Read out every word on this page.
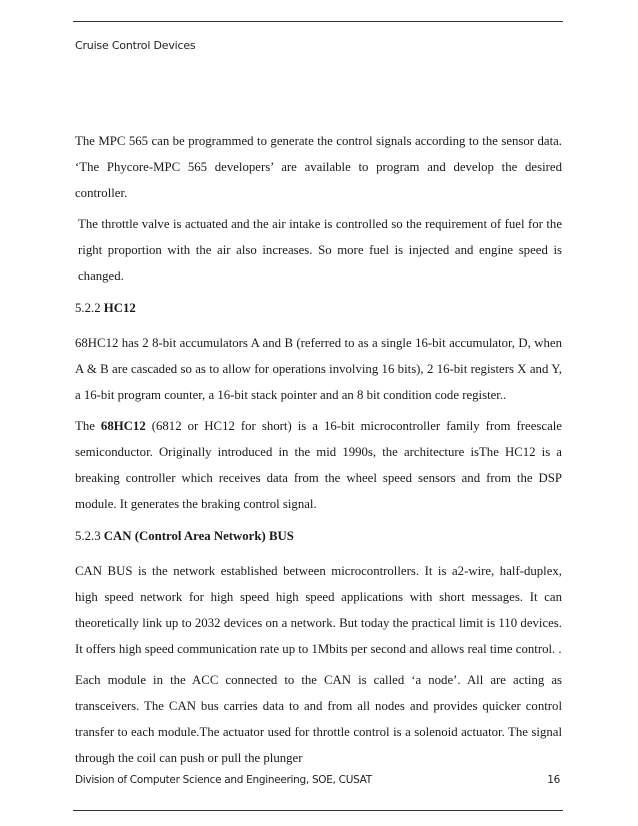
Cruise Control Devices

The MPC 565 can be programmed to generate the control signals according to the sensor data. ‘The Phycore-MPC 565 developers’ are available to program and develop the desired controller.

The throttle valve is actuated and the air intake is controlled so the requirement of fuel for the right proportion with the air also increases. So more fuel is injected and engine speed is changed.

5.2.2 HC12

68HC12 has 2 8-bit accumulators A and B (referred to as a single 16-bit accumulator, D, when A & B are cascaded so as to allow for operations involving 16 bits), 2 16-bit registers X and Y, a 16-bit program counter, a 16-bit stack pointer and an 8 bit condition code register..

The 68HC12 (6812 or HC12 for short) is a 16-bit microcontroller family from freescale semiconductor. Originally introduced in the mid 1990s, the architecture isThe HC12 is a breaking controller which receives data from the wheel speed sensors and from the DSP module. It generates the braking control signal.

5.2.3 CAN (Control Area Network) BUS

CAN BUS is the network established between microcontrollers. It is a2-wire, half-duplex, high speed network for high speed high speed applications with short messages. It can theoretically link up to 2032 devices on a network. But today the practical limit is 110 devices. It offers high speed communication rate up to 1Mbits per second and allows real time control. .

Each module in the ACC connected to the CAN is called ‘a node’. All are acting as transceivers. The CAN bus carries data to and from all nodes and provides quicker control transfer to each module.The actuator used for throttle control is a solenoid actuator. The signal through the coil can push or pull the plunger

Division of Computer Science and Engineering, SOE, CUSAT	16
